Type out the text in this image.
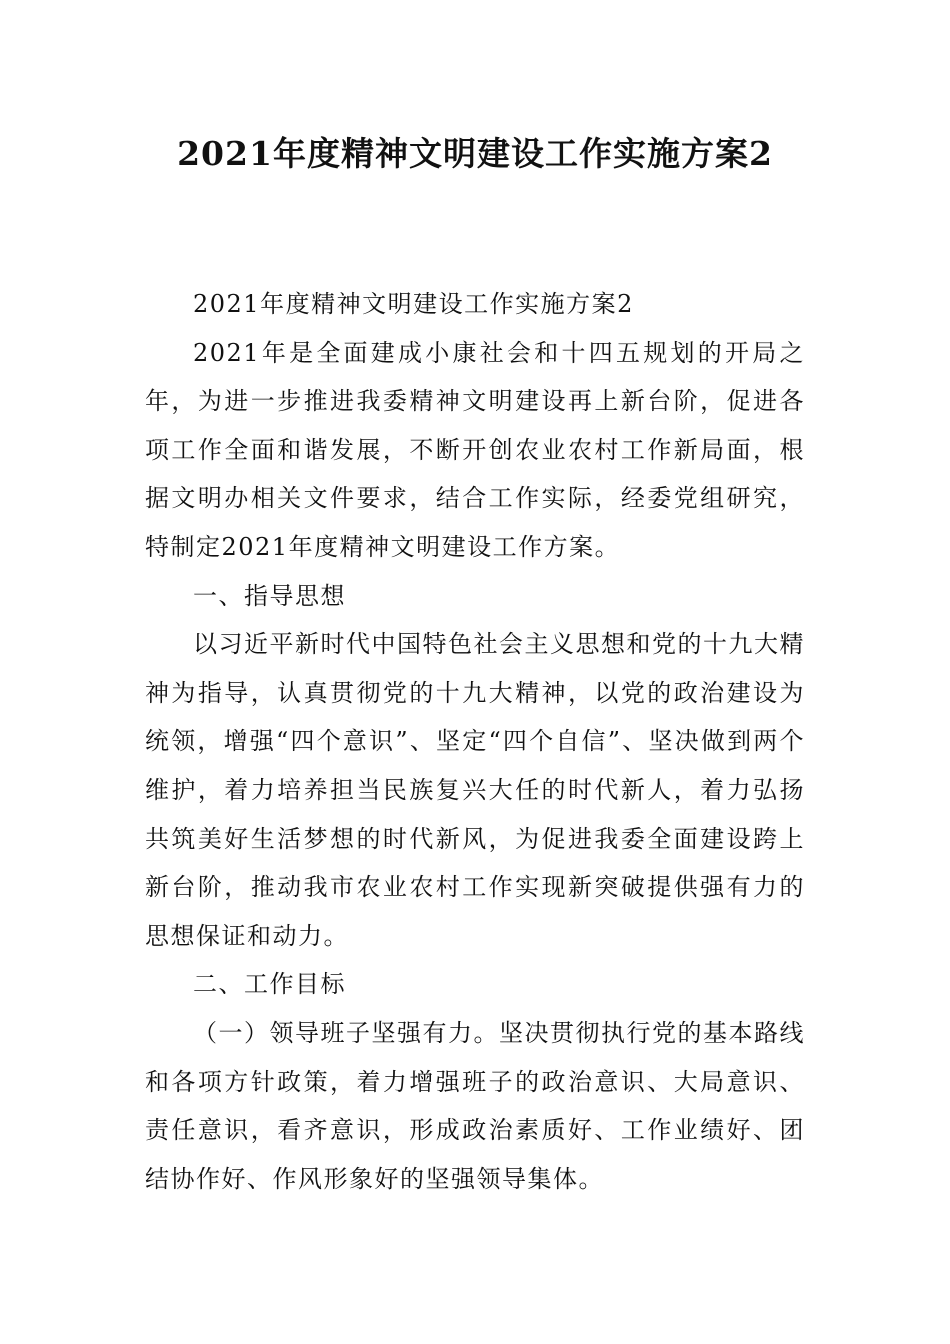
2021年度精神文明建设工作实施方案2

2021年度精神文明建设工作实施方案2

2021年是全面建成小康社会和十四五规划的开局之年，为进一步推进我委精神文明建设再上新台阶，促进各项工作全面和谐发展，不断开创农业农村工作新局面，根据文明办相关文件要求，结合工作实际，经委党组研究，特制定2021年度精神文明建设工作方案。

一、指导思想

以习近平新时代中国特色社会主义思想和党的十九大精神为指导，认真贯彻党的十九大精神，以党的政治建设为统领，增强“四个意识”、坚定“四个自信”、坚决做到两个维护，着力培养担当民族复兴大任的时代新人，着力弘扬共筑美好生活梦想的时代新风，为促进我委全面建设跨上新台阶，推动我市农业农村工作实现新突破提供强有力的思想保证和动力。

二、工作目标

（一）领导班子坚强有力。坚决贯彻执行党的基本路线和各项方针政策，着力增强班子的政治意识、大局意识、责任意识，看齐意识，形成政治素质好、工作业绩好、团结协作好、作风形象好的坚强领导集体。
